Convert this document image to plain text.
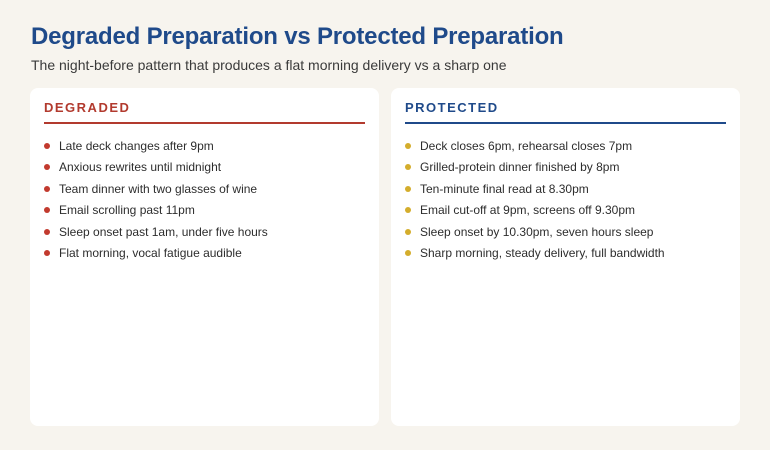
Degraded Preparation vs Protected Preparation

The night-before pattern that produces a flat morning delivery vs a sharp one

DEGRADED
Late deck changes after 9pm
Anxious rewrites until midnight
Team dinner with two glasses of wine
Email scrolling past 11pm
Sleep onset past 1am, under five hours
Flat morning, vocal fatigue audible
PROTECTED
Deck closes 6pm, rehearsal closes 7pm
Grilled-protein dinner finished by 8pm
Ten-minute final read at 8.30pm
Email cut-off at 9pm, screens off 9.30pm
Sleep onset by 10.30pm, seven hours sleep
Sharp morning, steady delivery, full bandwidth
